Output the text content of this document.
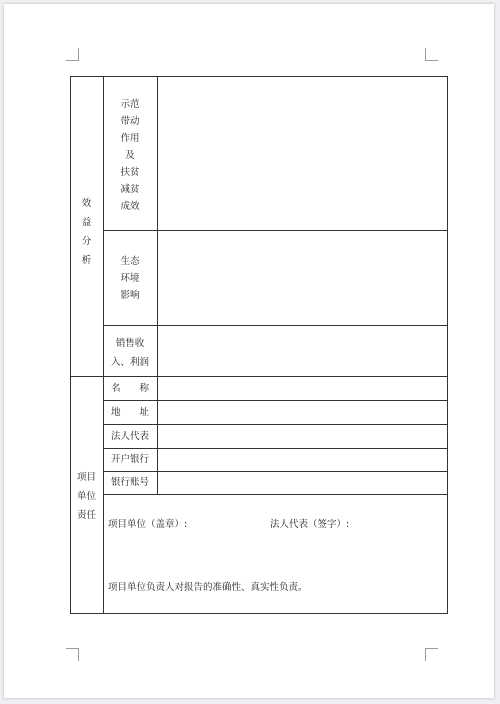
效
益
分
析
项目
单位
责任
示范
带动
作用
及
扶贫
减贫
成效
生态
环境
影响
销售收
入、利润
名　　称
地　　址
法人代表
开户银行
银行账号
项目单位（盖章）:	法人代表（签字）:
项目单位负责人对报告的准确性、真实性负责。
